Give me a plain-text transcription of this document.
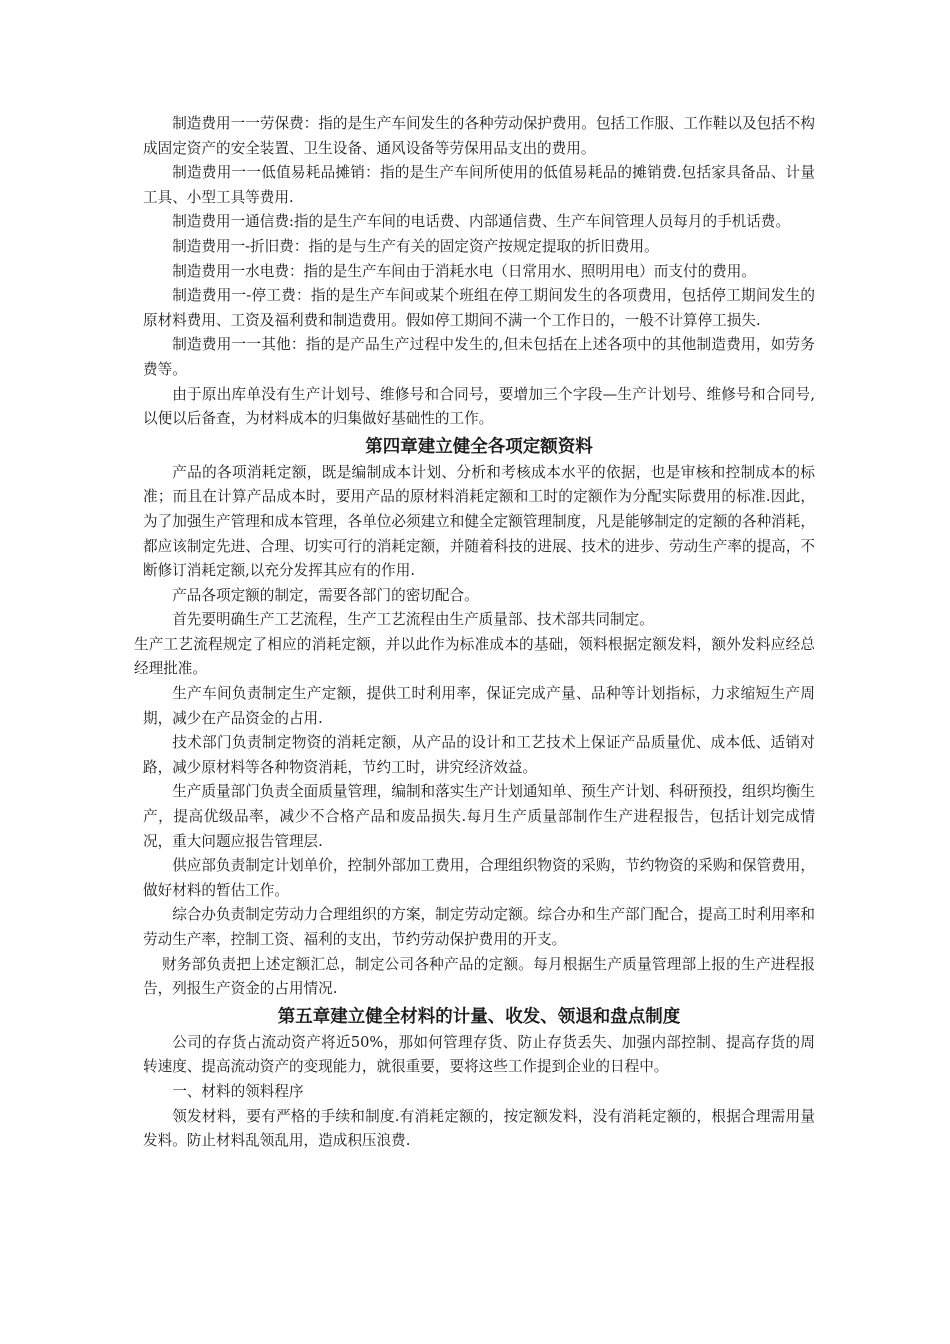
制造费用一一劳保费：指的是生产车间发生的各种劳动保护费用。包括工作服、工作鞋以及包括不构成固定资产的安全装置、卫生设备、通风设备等劳保用品支出的费用。

制造费用一一低值易耗品摊销：指的是生产车间所使用的低值易耗品的摊销费.包括家具备品、计量工具、小型工具等费用.

制造费用一通信费:指的是生产车间的电话费、内部通信费、生产车间管理人员每月的手机话费。

制造费用一-折旧费：指的是与生产有关的固定资产按规定提取的折旧费用。

制造费用一水电费：指的是生产车间由于消耗水电（日常用水、照明用电）而支付的费用。

制造费用一-停工费：指的是生产车间或某个班组在停工期间发生的各项费用，包括停工期间发生的原材料费用、工资及福利费和制造费用。假如停工期间不满一个工作日的，一般不计算停工损失.

制造费用一一其他：指的是产品生产过程中发生的,但未包括在上述各项中的其他制造费用，如劳务费等。

由于原出库单没有生产计划号、维修号和合同号，要增加三个字段—生产计划号、维修号和合同号,以便以后备查，为材料成本的归集做好基础性的工作。

第四章建立健全各项定额资料

产品的各项消耗定额，既是编制成本计划、分析和考核成本水平的依据，也是审核和控制成本的标准；而且在计算产品成本时，要用产品的原材料消耗定额和工时的定额作为分配实际费用的标准.因此，为了加强生产管理和成本管理，各单位必须建立和健全定额管理制度，凡是能够制定的定额的各种消耗，都应该制定先进、合理、切实可行的消耗定额，并随着科技的进展、技术的进步、劳动生产率的提高，不断修订消耗定额,以充分发挥其应有的作用.

产品各项定额的制定，需要各部门的密切配合。

首先要明确生产工艺流程，生产工艺流程由生产质量部、技术部共同制定。

生产工艺流程规定了相应的消耗定额，并以此作为标准成本的基础，领料根据定额发料，额外发料应经总经理批准。

生产车间负责制定生产定额，提供工时利用率，保证完成产量、品种等计划指标，力求缩短生产周期，减少在产品资金的占用.

技术部门负责制定物资的消耗定额，从产品的设计和工艺技术上保证产品质量优、成本低、适销对路，减少原材料等各种物资消耗，节约工时，讲究经济效益。

生产质量部门负责全面质量管理，编制和落实生产计划通知单、预生产计划、科研预投，组织均衡生产，提高优级品率，减少不合格产品和废品损失.每月生产质量部制作生产进程报告，包括计划完成情况，重大问题应报告管理层.

供应部负责制定计划单价，控制外部加工费用，合理组织物资的采购，节约物资的采购和保管费用，做好材料的暂估工作。

综合办负责制定劳动力合理组织的方案，制定劳动定额。综合办和生产部门配合，提高工时利用率和劳动生产率，控制工资、福利的支出，节约劳动保护费用的开支。

财务部负责把上述定额汇总，制定公司各种产品的定额。每月根据生产质量管理部上报的生产进程报告，列报生产资金的占用情况.

第五章建立健全材料的计量、收发、领退和盘点制度

公司的存货占流动资产将近50%，那如何管理存货、防止存货丢失、加强内部控制、提高存货的周转速度、提高流动资产的变现能力，就很重要，要将这些工作提到企业的日程中。

一、材料的领料程序

领发材料，要有严格的手续和制度.有消耗定额的，按定额发料，没有消耗定额的，根据合理需用量发料。防止材料乱领乱用，造成积压浪费.
